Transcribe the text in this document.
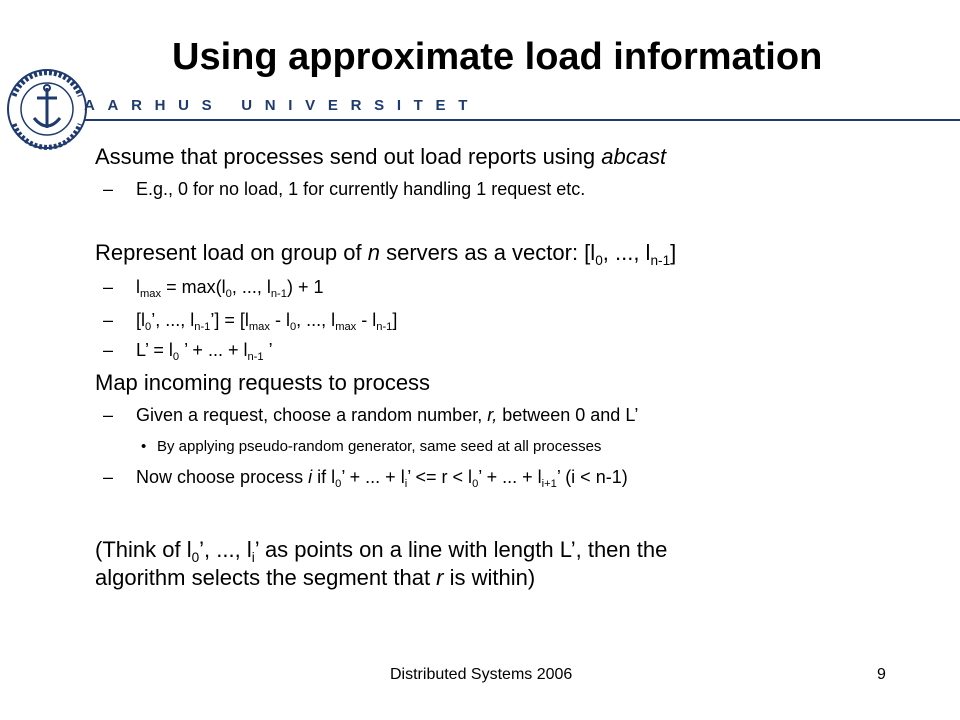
Using approximate load information
AARHUS UNIVERSITET
Assume that processes send out load reports using abcast
– E.g., 0 for no load, 1 for currently handling 1 request etc.
Represent load on group of n servers as a vector: [$l_0$, ..., $l_{n-1}$]
– $l_{max} = \max(l_0$, ..., $l_{n-1}) + 1$
– [$l_0$’, ..., $l_{n-1}’] = [l_{max} - l_0$, ..., $l_{max} - l_{n-1}$]
– L’ = $l_0$ ’ + ... + $l_{n-1}$ ’
Map incoming requests to process
– Given a request, choose a random number, r, between 0 and L’
• By applying pseudo-random generator, same seed at all processes
– Now choose process i if $l_0$’ + ... + $l_i$’ <= $r < l_0$’ + ... + $l_{i+1}$’ (i < n-1)
(Think of $l_0$’, ..., $l_i$’ as points on a line with length L’, then the
algorithm selects the segment that r is within)
Distributed Systems 2006	9
